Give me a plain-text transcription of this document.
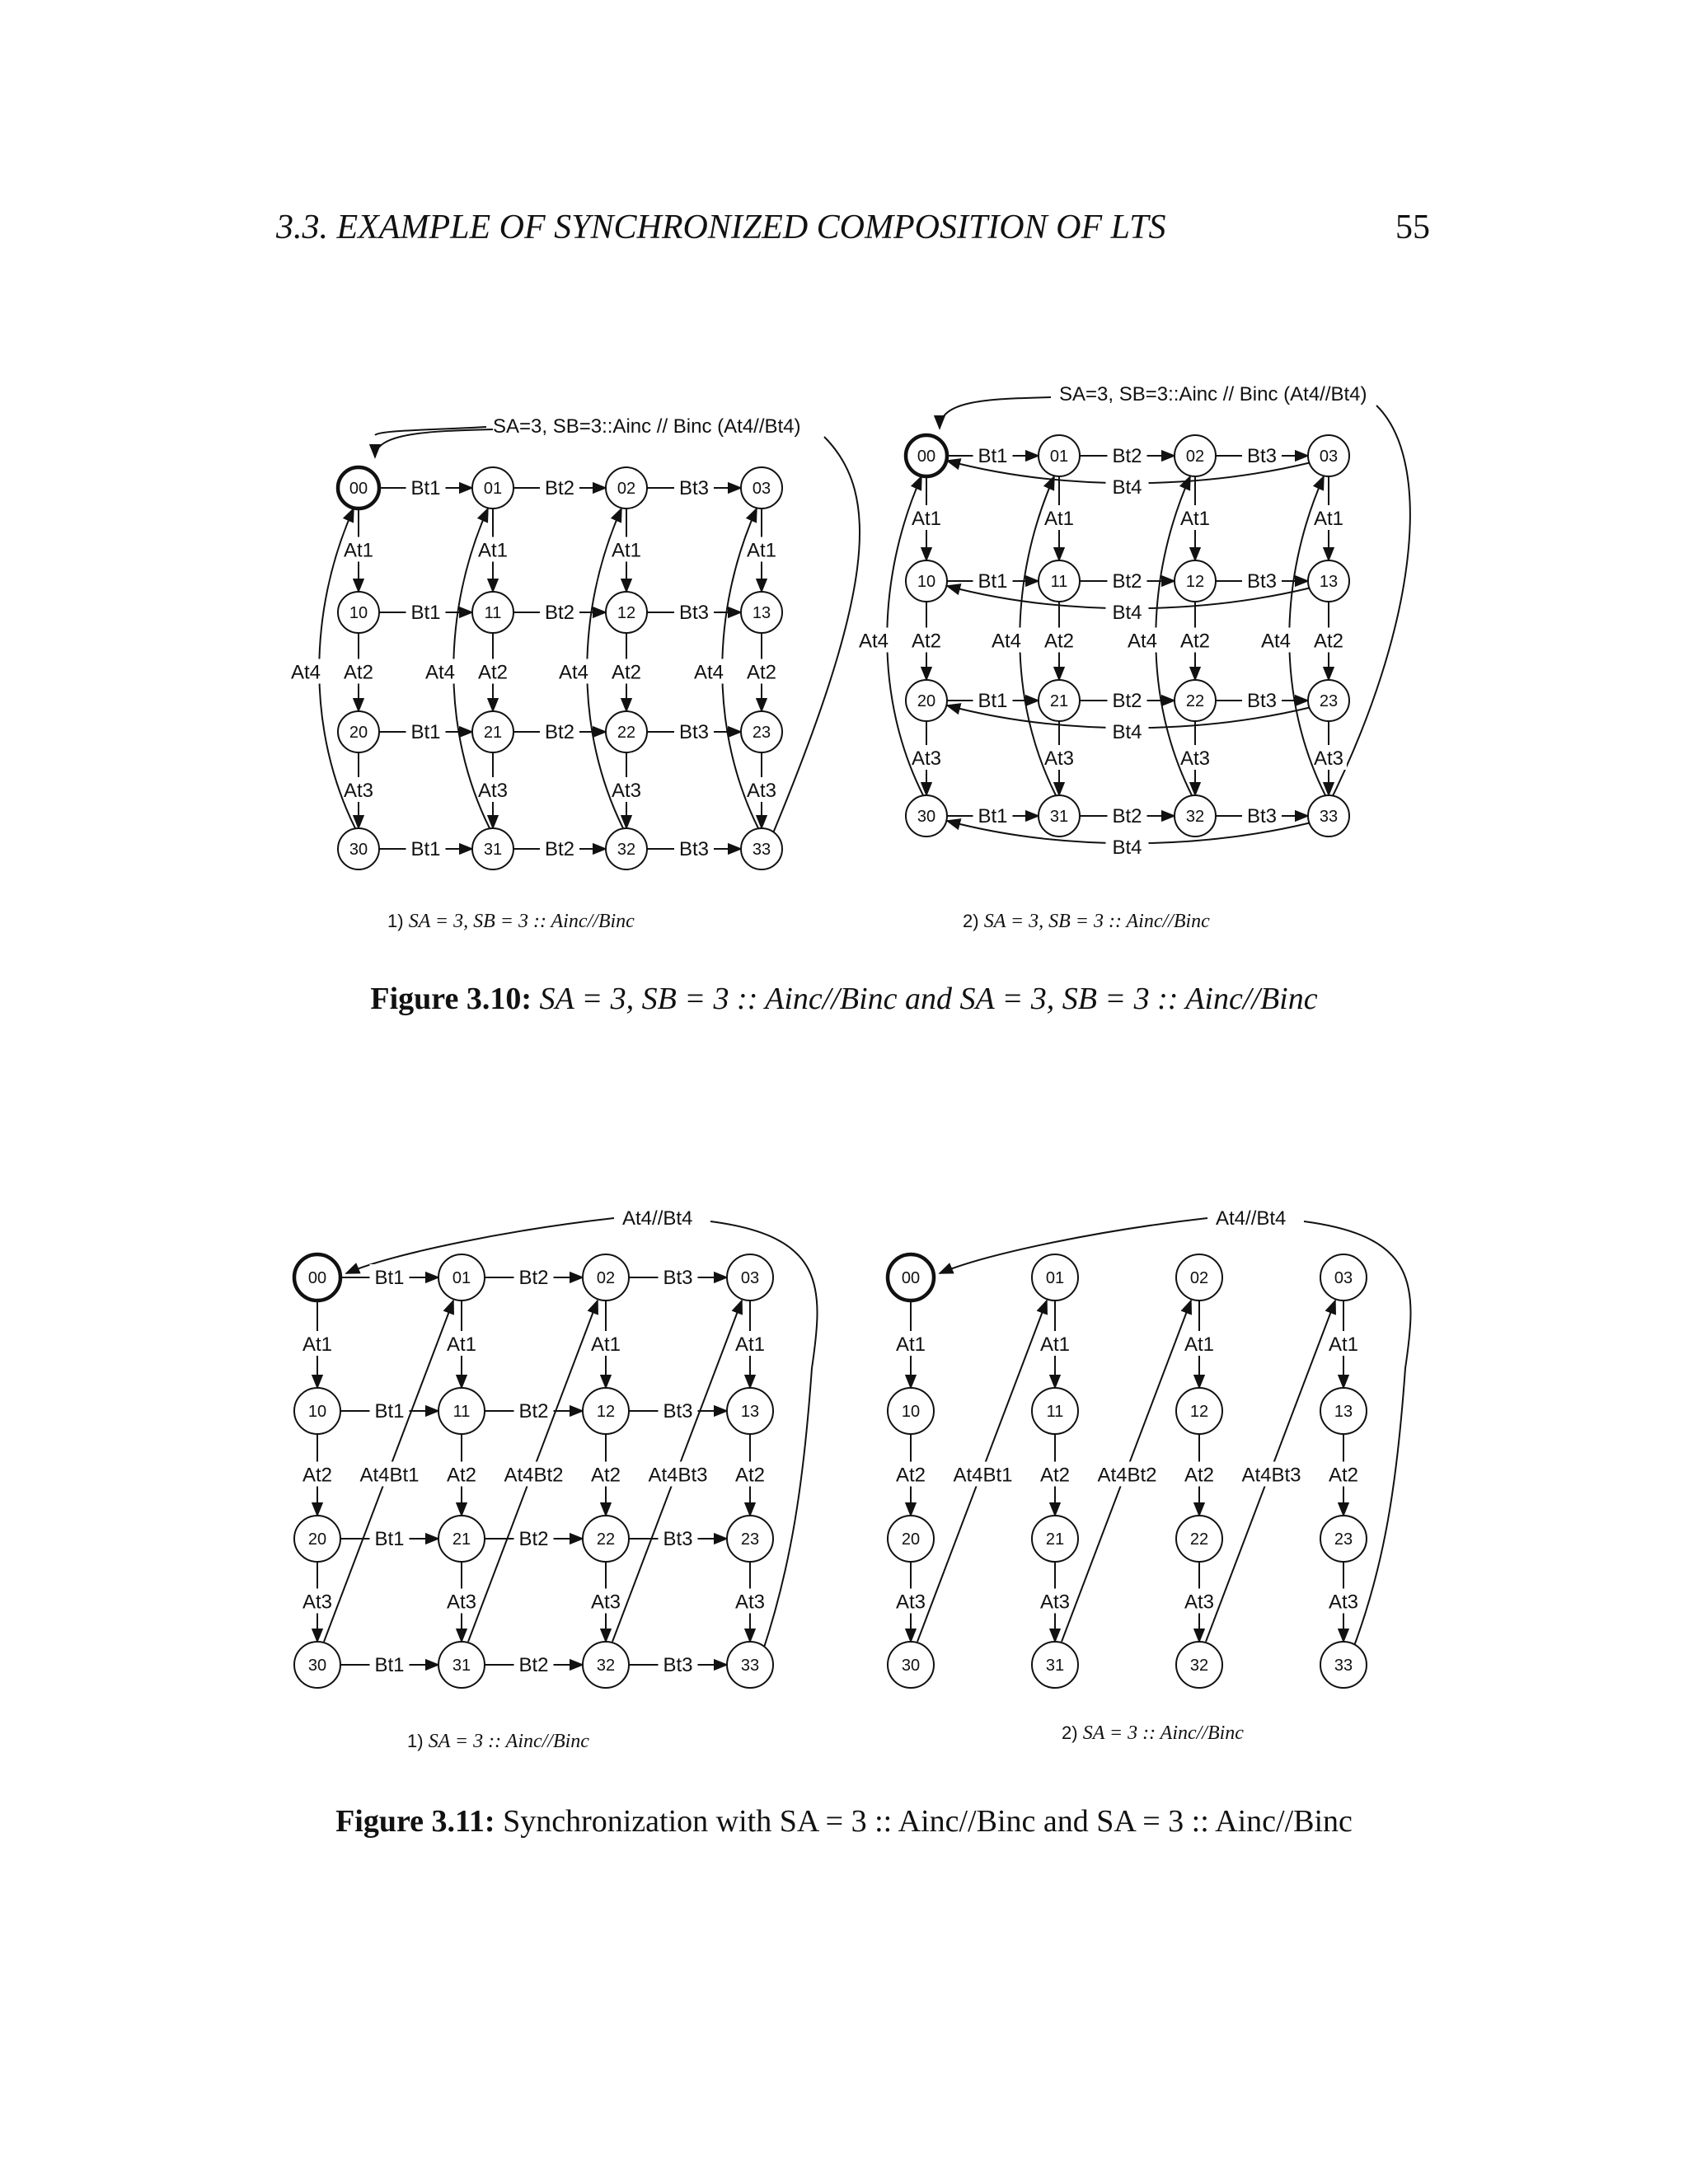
3.3. EXAMPLE OF SYNCHRONIZED COMPOSITION OF LTS	55
SA=3, SB=3::Ainc // Binc (At4//Bt4)
Bt1	Bt2	Bt3
Bt1	Bt2	Bt3
Bt1	Bt2	Bt3
Bt1	Bt2	Bt3
At1
At2
At3
At1
At2
At3
At1
At2
At3
At1
At2
At3
At4	At4	At4	At4
00	01	02	03
10	11	12	13
20	21	22	23
30	31	32	33
1) SA = 3, SB = 3 :: Ainc//Binc
SA=3, SB=3::Ainc // Binc (At4//Bt4)
Bt1	Bt2	Bt3
Bt1	Bt2	Bt3
Bt1	Bt2	Bt3
Bt1	Bt2	Bt3
At1
At2
At3
At1
At2
At3
At1
At2
At3
At1
At2
At3
At4	At4	At4	At4
Bt4
Bt4
Bt4
Bt4
00	01	02	03
10	11	12	13
20	21	22	23
30	31	32	33
2) SA = 3, SB = 3 :: Ainc//Binc
Figure 3.10: SA = 3, SB = 3 :: Ainc//Binc and SA = 3, SB = 3 :: Ainc//Binc
At4//Bt4
Bt1	Bt2	Bt3
Bt1	Bt2	Bt3
Bt1	Bt2	Bt3
Bt1	Bt2	Bt3
At1
At2
At3
At1
At2
At3
At1
At2
At3
At1
At2
At3
At4Bt1	At4Bt2	At4Bt3
00	01	02	03
10	11	12	13
20	21	22	23
30	31	32	33
1) SA = 3 :: Ainc//Binc
At4//Bt4
At1
At2
At3
At1
At2
At3
At1
At2
At3
At1
At2
At3
At4Bt1	At4Bt2	At4Bt3
00	01	02	03
10	11	12	13
20	21	22	23
30	31	32	33
2) SA = 3 :: Ainc//Binc
Figure 3.11: Synchronization with SA = 3 :: Ainc//Binc and SA = 3 :: Ainc//Binc
